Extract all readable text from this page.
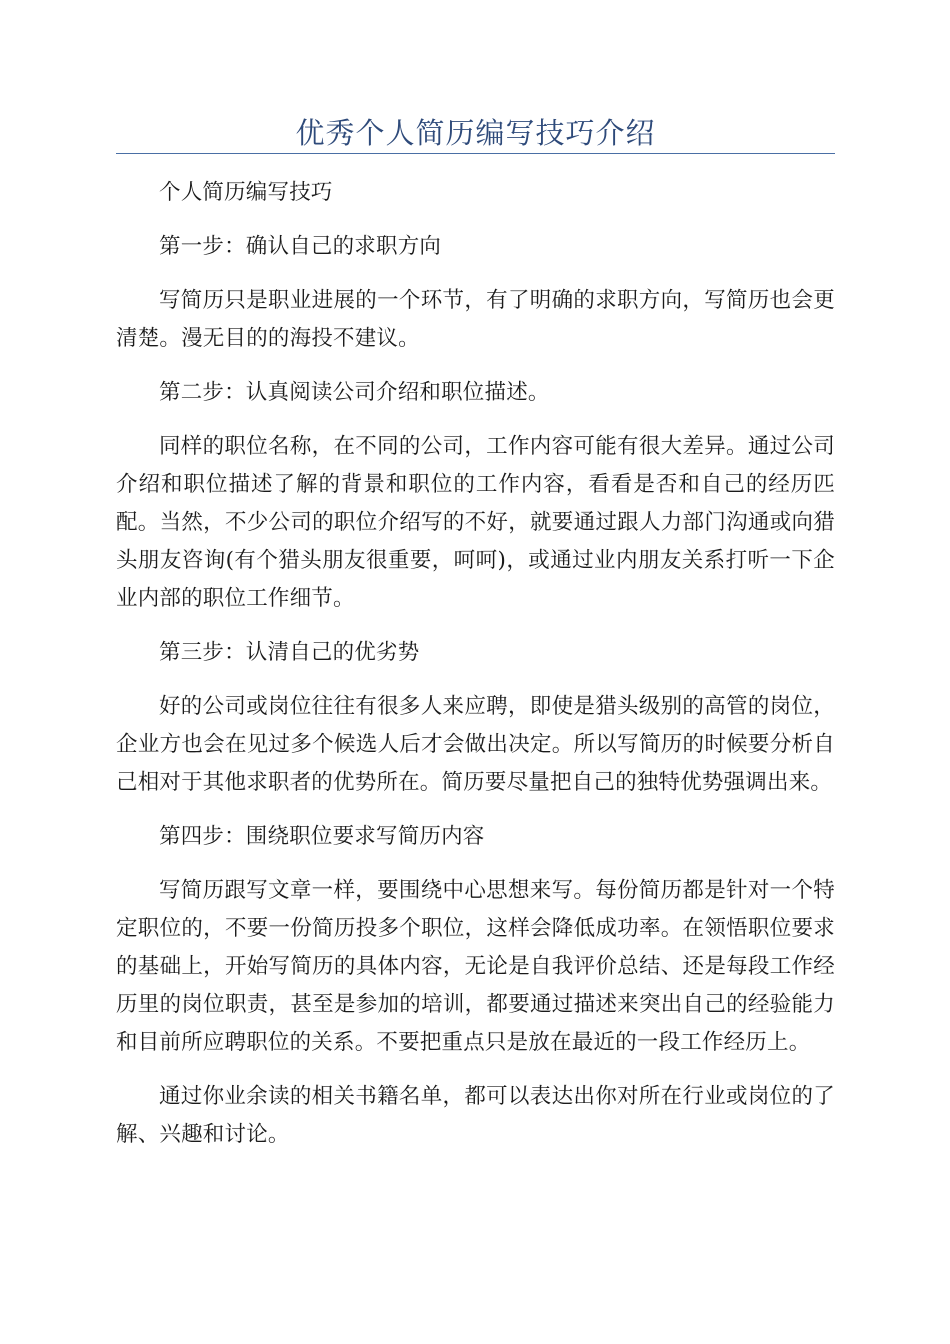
优秀个人简历编写技巧介绍

个人简历编写技巧

第一步：确认自己的求职方向

写简历只是职业进展的一个环节，有了明确的求职方向，写简历也会更清楚。漫无目的的海投不建议。

第二步：认真阅读公司介绍和职位描述。

同样的职位名称，在不同的公司，工作内容可能有很大差异。通过公司介绍和职位描述了解的背景和职位的工作内容，看看是否和自己的经历匹配。当然，不少公司的职位介绍写的不好，就要通过跟人力部门沟通或向猎头朋友咨询(有个猎头朋友很重要，呵呵)，或通过业内朋友关系打听一下企业内部的职位工作细节。

第三步：认清自己的优劣势

好的公司或岗位往往有很多人来应聘，即使是猎头级别的高管的岗位，企业方也会在见过多个候选人后才会做出决定。所以写简历的时候要分析自己相对于其他求职者的优势所在。简历要尽量把自己的独特优势强调出来。

第四步：围绕职位要求写简历内容

写简历跟写文章一样，要围绕中心思想来写。每份简历都是针对一个特定职位的，不要一份简历投多个职位，这样会降低成功率。在领悟职位要求的基础上，开始写简历的具体内容，无论是自我评价总结、还是每段工作经历里的岗位职责，甚至是参加的培训，都要通过描述来突出自己的经验能力和目前所应聘职位的关系。不要把重点只是放在最近的一段工作经历上。

通过你业余读的相关书籍名单，都可以表达出你对所在行业或岗位的了解、兴趣和讨论。
